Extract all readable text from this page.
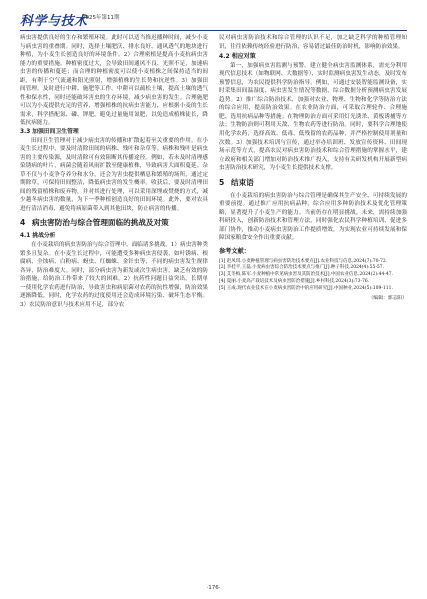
科学与技术
2025年第11期

病虫害提供良好的生存和繁殖环境。此时可以适当推迟播种时间，减少小麦与病虫害的重叠期。同时，选择土壤肥沃、排水良好、通风透气的地块进行种植，为小麦生长创造良好的环境条件。2）合理密植是提高小麦抗病虫害能力的重要措施。种植密度过大，会导致田间通风不良、光照不足，加速病虫害的传播和蔓延；而合理的种植密度可以使小麦植株之间保持适当的间距，有利于空气流通和阳光照射，增强植株的生长势和抗逆性。3）加强田间管理。及时进行中耕、施肥等工作。中耕可以疏松土壤，提高土壤的透气性和保水性，同时还能破坏害虫的生存环境，减少病虫害的发生。合理施肥可以为小麦提供充足的营养，增强植株的抗病虫害能力，应根据小麦的生长需求，科学搭配氮、磷、钾肥，避免过量施用氮肥，以免造成植株徒长，降低抗病能力。

3.3 加强田间卫生管理

田间卫生管理对于减少病虫害的传播和扩散起着至关重要的作用。在小麦生长过程中，要及时清除田间的病株、残叶和杂草等。病株和残叶是病虫害的主要传染源，及时清除可有效阻断其传播途径。例如，若未及时清理感染锈病的叶片，病菌会随着风雨扩散至健康植株，导致病害大面积蔓延。杂草不仅与小麦争夺养分和水分，还会为害虫提供栖息和繁殖的场所，通过定期除草，可保持田间整洁，降低病虫害的发生概率。收获后，要及时清理田间的残留植株和废弃物，并对其进行处理，可以采用深埋或焚烧的方式，减少越冬病虫害的数量，为下一季种植创造良好的田间环境。此外，要对农具进行清洁消毒，避免将病原菌带入到其他田块，防止病害的传播。

4 病虫害防治与综合管理面临的挑战及对策

4.1 挑战分析

在小麦栽培的病虫害防治与综合管理中，面临诸多挑战。1）病虫害种类繁多且复杂。在小麦生长过程中，可能遭受多种病虫害侵袭，如叶锈病、根腐病、全蚀病、白粉病、蚜虫、红蜘蛛、金针虫等，不同的病虫害发生规律各异，防治难度大。同时，部分病虫害为新发或次生病虫害，缺乏有效的防治措施，给防治工作带来了较大的困难。2）抗药性问题日益突出，长期单一使用化学农药进行防治，导致害虫和病原菌对农药的抗性增强，防治效果逐渐降低。同时，化学农药的过度使用还会造成环境污染、破坏生态平衡。3）农民防治意识与技术应用不足，部分农

民对病虫害防治技术和综合管理的认识不足，加之缺乏科学的种植管理知识，往往依赖传统经验进行防治，容易错过最佳防治时机，影响防治效果。

4.2 相应对策

第一，加强病虫害监测与预警。建立健全病虫害监测体系，需充分利用现代信息技术（如物联网、大数据等），实时监测病虫害发生动态，及时发布预警信息，为农民提供科学防治指导。例如，可通过安装智能监测设备，实时采集田间温湿度、病虫害发生情况等数据，综合数据分析预测病虫害发展趋势。2）推广综合防治技术，加强对农业、物理、生物和化学等防治方法的综合应用，提高防治效果。在农业防治方面，可采取合理轮作、合理施肥、选用抗病品种等措施；在物理防治方面可采用灯光诱杀、黄板诱捕等方法；生物防治则可利用天敌、生物农药等进行防治。同时，要科学合理地使用化学农药，选择高效、低毒、低残留的农药品种，并严格控制使用剂量和次数。3）加强技术培训与宣传，通过举办培训班、发放宣传资料、田间现场示范等方式，提高农民对病虫害防治技术和综合管理措施的掌握水平，建立政府和相关部门增加对防治技术推广投入，支持有关研发机构开展新型病虫害防治技术研究，为小麦生长提供技术支撑。

5 结束语

在小麦栽培的病虫害防治与综合管理是确保其生产安全、可持续发展的重要前提。通过推广应用抗病品种，综合应用多种防治技术及优化管理策略，显著提升了小麦生产的能力。当前仍存在明显挑战。未来，需持续加强科研投入，创新防治技术和管理方法，同时强化农民科学种植培训，促进多部门协作，推动小麦病虫害防治工作提质增效，为实现农业可持续发展和保障国家粮食安全作出重要贡献。

参考文献：

[1] 赵凤琪.小麦种植管理与病虫害防治技术要点[J].农业科技与信息,2024(7):70-72.

[2] 李桂平,王磊.小麦病虫害综合防治技术要点与推广[J].种子科技,2024(4):55-57.

[3] 艾冬梅,陈军.小麦种植中常见病虫害及其防治技术[J].中国农业信息,2024(2):44-47.

[4] 夏丽.小麦高产栽培技术及病虫害防治措施[J].乡村科技,2024(3):73-76.

[5] 王成.现代农业技术在小麦病虫害防治中的应用研究[J].中国种业,2024(5):109-111.

（编辑：郭志阳）

·176·
